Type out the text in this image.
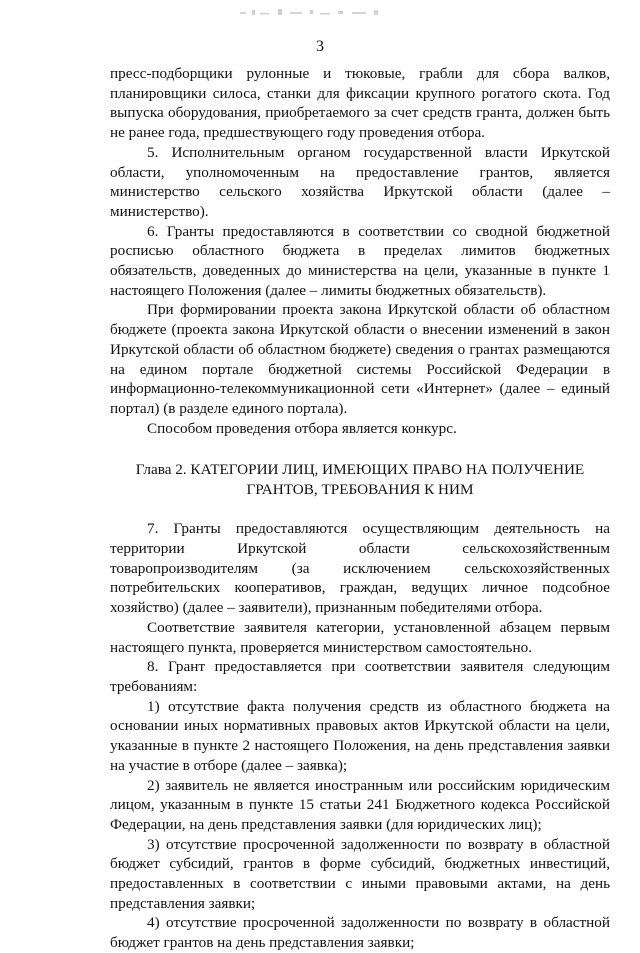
3

пресс-подборщики рулонные и тюковые, грабли для сбора валков, планировщики силоса, станки для фиксации крупного рогатого скота. Год выпуска оборудования, приобретаемого за счет средств гранта, должен быть не ранее года, предшествующего году проведения отбора.

5. Исполнительным органом государственной власти Иркутской области, уполномоченным на предоставление грантов, является министерство сельского хозяйства Иркутской области (далее – министерство).

6. Гранты предоставляются в соответствии со сводной бюджетной росписью областного бюджета в пределах лимитов бюджетных обязательств, доведенных до министерства на цели, указанные в пункте 1 настоящего Положения (далее – лимиты бюджетных обязательств).

При формировании проекта закона Иркутской области об областном бюджете (проекта закона Иркутской области о внесении изменений в закон Иркутской области об областном бюджете) сведения о грантах размещаются на едином портале бюджетной системы Российской Федерации в информационно-телекоммуникационной сети «Интернет» (далее – единый портал) (в разделе единого портала).

Способом проведения отбора является конкурс.

Глава 2. КАТЕГОРИИ ЛИЦ, ИМЕЮЩИХ ПРАВО НА ПОЛУЧЕНИЕ ГРАНТОВ, ТРЕБОВАНИЯ К НИМ

7. Гранты предоставляются осуществляющим деятельность на территории Иркутской области сельскохозяйственным товаропроизводителям (за исключением сельскохозяйственных потребительских кооперативов, граждан, ведущих личное подсобное хозяйство) (далее – заявители), признанным победителями отбора.

Соответствие заявителя категории, установленной абзацем первым настоящего пункта, проверяется министерством самостоятельно.

8. Грант предоставляется при соответствии заявителя следующим требованиям:

1) отсутствие факта получения средств из областного бюджета на основании иных нормативных правовых актов Иркутской области на цели, указанные в пункте 2 настоящего Положения, на день представления заявки на участие в отборе (далее – заявка);

2) заявитель не является иностранным или российским юридическим лицом, указанным в пункте 15 статьи 241 Бюджетного кодекса Российской Федерации, на день представления заявки (для юридических лиц);

3) отсутствие просроченной задолженности по возврату в областной бюджет субсидий, грантов в форме субсидий, бюджетных инвестиций, предоставленных в соответствии с иными правовыми актами, на день представления заявки;

4) отсутствие просроченной задолженности по возврату в областной бюджет грантов на день представления заявки;
